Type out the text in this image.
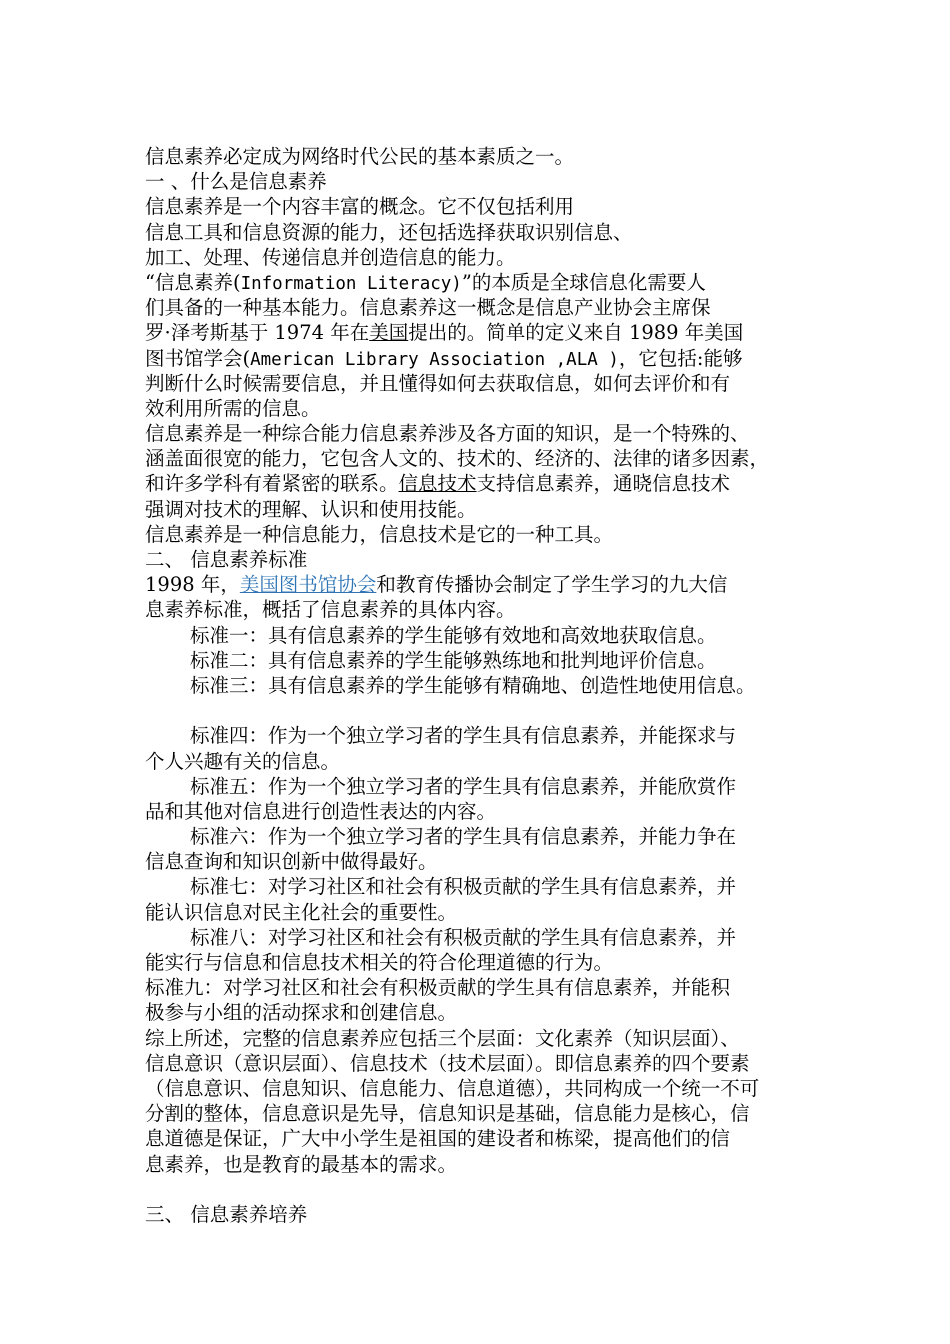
信息素养必定成为网络时代公民的基本素质之一。

一 、什么是信息素养

信息素养是一个内容丰富的概念。它不仅包括利用

信息工具和信息资源的能力，还包括选择获取识别信息、

加工、处理、传递信息并创造信息的能力。

“信息素养(Information Literacy)”的本质是全球信息化需要人

们具备的一种基本能力。信息素养这一概念是信息产业协会主席保

罗·泽考斯基于 1974 年在美国提出的。简单的定义来自 1989 年美国

图书馆学会(American Library Association ,ALA )，它包括:能够

判断什么时候需要信息，并且懂得如何去获取信息，如何去评价和有

效利用所需的信息。

信息素养是一种综合能力信息素养涉及各方面的知识，是一个特殊的、

涵盖面很宽的能力，它包含人文的、技术的、经济的、法律的诸多因素，

和许多学科有着紧密的联系。信息技术支持信息素养，通晓信息技术

强调对技术的理解、认识和使用技能。

信息素养是一种信息能力，信息技术是它的一种工具。

二、 信息素养标准

1998 年，美国图书馆协会和教育传播协会制定了学生学习的九大信

息素养标准，概括了信息素养的具体内容。

标准一：具有信息素养的学生能够有效地和高效地获取信息。

标准二：具有信息素养的学生能够熟练地和批判地评价信息。

标准三：具有信息素养的学生能够有精确地、创造性地使用信息。

标准四：作为一个独立学习者的学生具有信息素养，并能探求与

个人兴趣有关的信息。

标准五：作为一个独立学习者的学生具有信息素养，并能欣赏作

品和其他对信息进行创造性表达的内容。

标准六：作为一个独立学习者的学生具有信息素养，并能力争在

信息查询和知识创新中做得最好。

标准七：对学习社区和社会有积极贡献的学生具有信息素养，并

能认识信息对民主化社会的重要性。

标准八：对学习社区和社会有积极贡献的学生具有信息素养，并

能实行与信息和信息技术相关的符合伦理道德的行为。

标准九：对学习社区和社会有积极贡献的学生具有信息素养，并能积

极参与小组的活动探求和创建信息。

综上所述，完整的信息素养应包括三个层面：文化素养（知识层面）、

信息意识（意识层面）、信息技术（技术层面）。即信息素养的四个要素

（信息意识、信息知识、信息能力、信息道德），共同构成一个统一不可

分割的整体，信息意识是先导，信息知识是基础，信息能力是核心，信

息道德是保证，广大中小学生是祖国的建设者和栋梁，提高他们的信

息素养，也是教育的最基本的需求。

三、 信息素养培养
